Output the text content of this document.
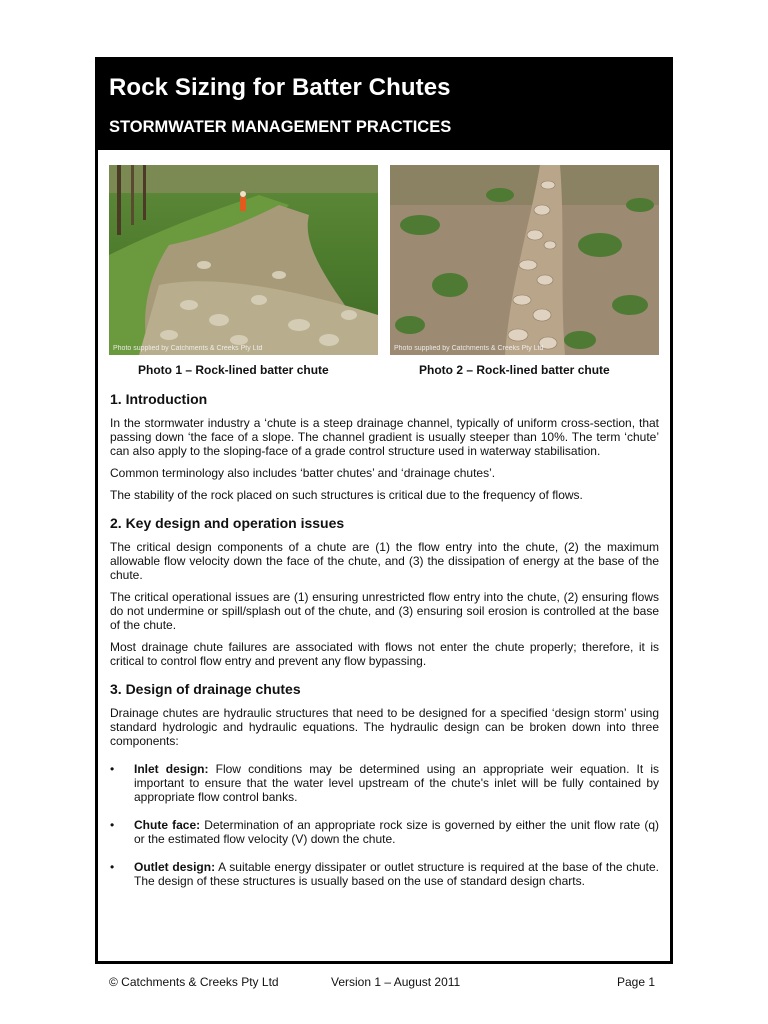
Rock Sizing for Batter Chutes
STORMWATER MANAGEMENT PRACTICES
Photo supplied by Catchments & Creeks Pty Ltd
Photo 1 – Rock-lined batter chute
Photo supplied by Catchments & Creeks Pty Ltd
Photo 2 – Rock-lined batter chute
1. Introduction

In the stormwater industry a ‘chute is a steep drainage channel, typically of uniform cross-section, that passing down ‘the face of a slope. The channel gradient is usually steeper than 10%. The term ‘chute’ can also apply to the sloping-face of a grade control structure used in waterway stabilisation.

Common terminology also includes ‘batter chutes’ and ‘drainage chutes’.

The stability of the rock placed on such structures is critical due to the frequency of flows.

2. Key design and operation issues

The critical design components of a chute are (1) the flow entry into the chute, (2) the maximum allowable flow velocity down the face of the chute, and (3) the dissipation of energy at the base of the chute.

The critical operational issues are (1) ensuring unrestricted flow entry into the chute, (2) ensuring flows do not undermine or spill/splash out of the chute, and (3) ensuring soil erosion is controlled at the base of the chute.

Most drainage chute failures are associated with flows not enter the chute properly; therefore, it is critical to control flow entry and prevent any flow bypassing.

3. Design of drainage chutes

Drainage chutes are hydraulic structures that need to be designed for a specified ‘design storm’ using standard hydrologic and hydraulic equations. The hydraulic design can be broken down into three components:

• Inlet design: Flow conditions may be determined using an appropriate weir equation. It is important to ensure that the water level upstream of the chute's inlet will be fully contained by appropriate flow control banks.
• Chute face: Determination of an appropriate rock size is governed by either the unit flow rate (q) or the estimated flow velocity (V) down the chute.
• Outlet design: A suitable energy dissipater or outlet structure is required at the base of the chute. The design of these structures is usually based on the use of standard design charts.
© Catchments & Creeks Pty Ltd	Version 1 – August 2011	Page 1
